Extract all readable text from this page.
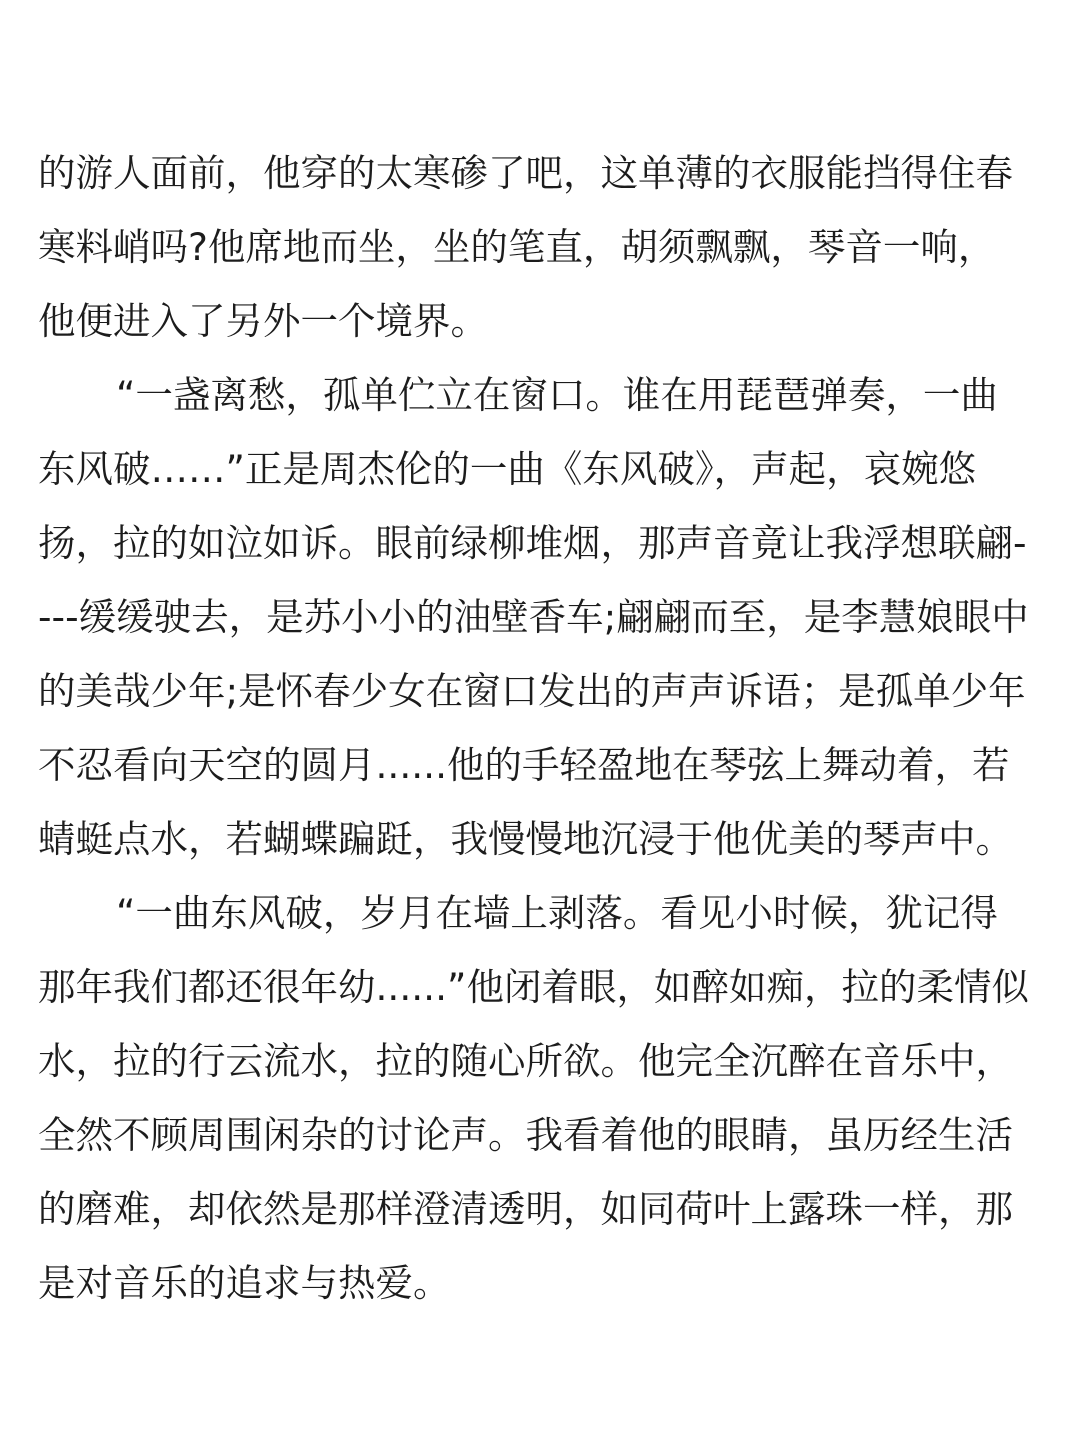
的游人面前，他穿的太寒碜了吧，这单薄的衣服能挡得住春
寒料峭吗?他席地而坐，坐的笔直，胡须飘飘，琴音一响，
他便进入了另外一个境界。
“一盏离愁，孤单伫立在窗口。谁在用琵琶弹奏，一曲
东风破……”正是周杰伦的一曲《东风破》，声起，哀婉悠
扬，拉的如泣如诉。眼前绿柳堆烟，那声音竟让我浮想联翩-
---缓缓驶去，是苏小小的油壁香车;翩翩而至，是李慧娘眼中
的美哉少年;是怀春少女在窗口发出的声声诉语；是孤单少年
不忍看向天空的圆月......他的手轻盈地在琴弦上舞动着，若
蜻蜓点水，若蝴蝶蹁跹，我慢慢地沉浸于他优美的琴声中。
“一曲东风破，岁月在墙上剥落。看见小时候，犹记得
那年我们都还很年幼......”他闭着眼，如醉如痴，拉的柔情似
水，拉的行云流水，拉的随心所欲。他完全沉醉在音乐中，
全然不顾周围闲杂的讨论声。我看着他的眼睛，虽历经生活
的磨难，却依然是那样澄清透明，如同荷叶上露珠一样，那
是对音乐的追求与热爱。
